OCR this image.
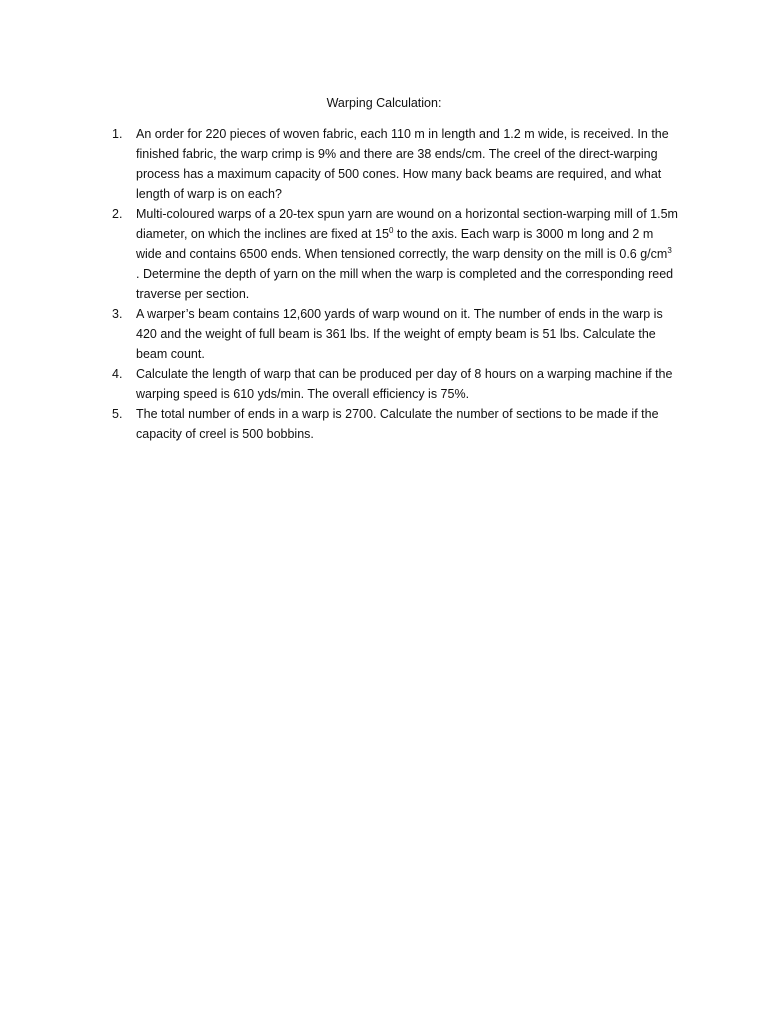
Warping Calculation:
1. An order for 220 pieces of woven fabric, each 110 m in length and 1.2 m wide, is received. In the finished fabric, the warp crimp is 9% and there are 38 ends/cm. The creel of the direct-warping process has a maximum capacity of 500 cones. How many back beams are required, and what length of warp is on each?
2. Multi-coloured warps of a 20-tex spun yarn are wound on a horizontal section-warping mill of 1.5m diameter, on which the inclines are fixed at $15^0$ to the axis. Each warp is 3000 m long and 2 m wide and contains 6500 ends. When tensioned correctly, the warp density on the mill is 0.6 $g/cm^3$ . Determine the depth of yarn on the mill when the warp is completed and the corresponding reed traverse per section.
3. A warper’s beam contains 12,600 yards of warp wound on it. The number of ends in the warp is 420 and the weight of full beam is 361 lbs. If the weight of empty beam is 51 lbs. Calculate the beam count.
4. Calculate the length of warp that can be produced per day of 8 hours on a warping machine if the warping speed is 610 yds/min. The overall efficiency is 75%.
5. The total number of ends in a warp is 2700. Calculate the number of sections to be made if the capacity of creel is 500 bobbins.
